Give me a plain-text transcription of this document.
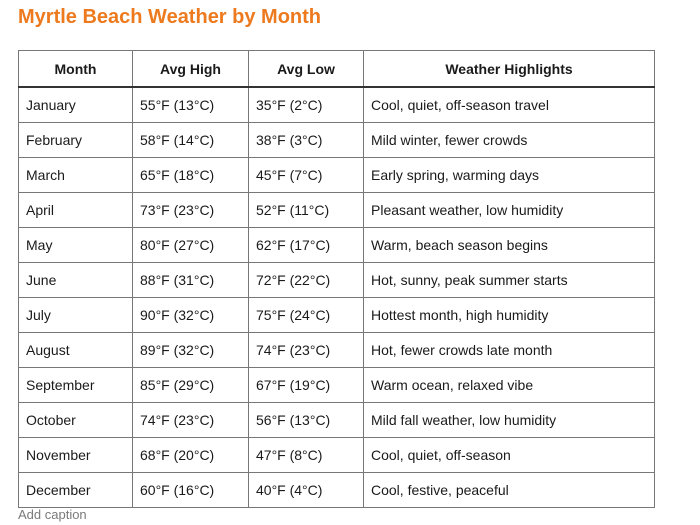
Myrtle Beach Weather by Month
Month	Avg High	Avg Low	Weather Highlights
January	55°F (13°C)	35°F (2°C)	Cool, quiet, off-season travel
February	58°F (14°C)	38°F (3°C)	Mild winter, fewer crowds
March	65°F (18°C)	45°F (7°C)	Early spring, warming days
April	73°F (23°C)	52°F (11°C)	Pleasant weather, low humidity
May	80°F (27°C)	62°F (17°C)	Warm, beach season begins
June	88°F (31°C)	72°F (22°C)	Hot, sunny, peak summer starts
July	90°F (32°C)	75°F (24°C)	Hottest month, high humidity
August	89°F (32°C)	74°F (23°C)	Hot, fewer crowds late month
September	85°F (29°C)	67°F (19°C)	Warm ocean, relaxed vibe
October	74°F (23°C)	56°F (13°C)	Mild fall weather, low humidity
November	68°F (20°C)	47°F (8°C)	Cool, quiet, off-season
December	60°F (16°C)	40°F (4°C)	Cool, festive, peaceful
Add caption
